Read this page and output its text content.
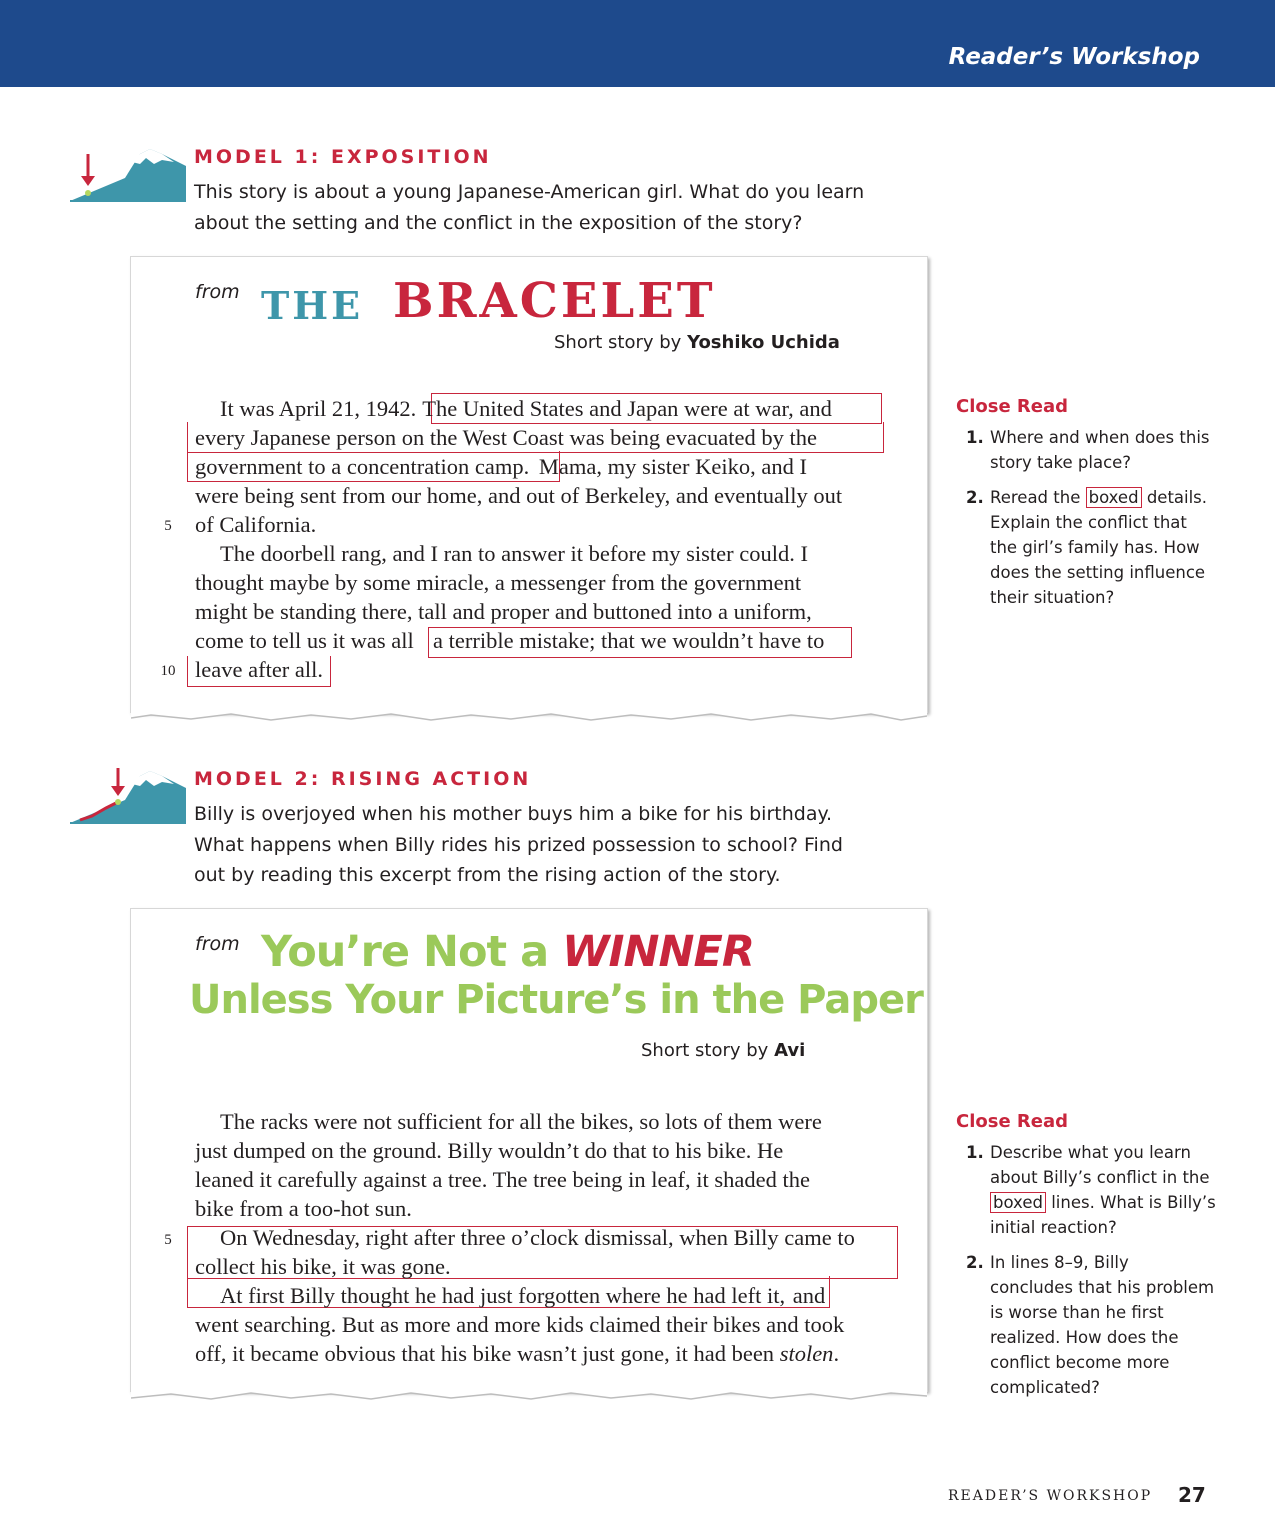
Reader’s Workshop
MODEL 1: EXPOSITION
This story is about a young Japanese-American girl. What do you learn
about the setting and the conflict in the exposition of the story?
from THE BRACELET
Short story by Yoshiko Uchida
It was April 21, 1942. The United States and Japan were at war, and
every Japanese person on the West Coast was being evacuated by the
government to a concentration camp. Mama, my sister Keiko, and I
were being sent from our home, and out of Berkeley, and eventually out
of California.
The doorbell rang, and I ran to answer it before my sister could. I
thought maybe by some miracle, a messenger from the government
might be standing there, tall and proper and buttoned into a uniform,
come to tell us it was all
leave after all.
a terrible mistake; that we wouldn’t have to
5
10
Close Read
1. Where and when does this story take place?
2. Reread the boxed details. Explain the conflict that the girl’s family has. How does the setting influence their situation?
MODEL 2: RISING ACTION
Billy is overjoyed when his mother buys him a bike for his birthday.
What happens when Billy rides his prized possession to school? Find
out by reading this excerpt from the rising action of the story.
from You’re Not a WINNER
Unless Your Picture’s in the Paper
Short story by Avi
The racks were not sufficient for all the bikes, so lots of them were
just dumped on the ground. Billy wouldn’t do that to his bike. He
leaned it carefully against a tree. The tree being in leaf, it shaded the
bike from a too-hot sun.
On Wednesday, right after three o’clock dismissal, when Billy came to
collect his bike, it was gone.
At first Billy thought he had just forgotten where he had left it, and
went searching. But as more and more kids claimed their bikes and took
off, it became obvious that his bike wasn’t just gone, it had been stolen.
5
Close Read
1. Describe what you learn about Billy’s conflict in the boxed lines. What is Billy’s initial reaction?
2. In lines 8–9, Billy concludes that his problem is worse than he first realized. How does the conflict become more complicated?
READER’S WORKSHOP 27
